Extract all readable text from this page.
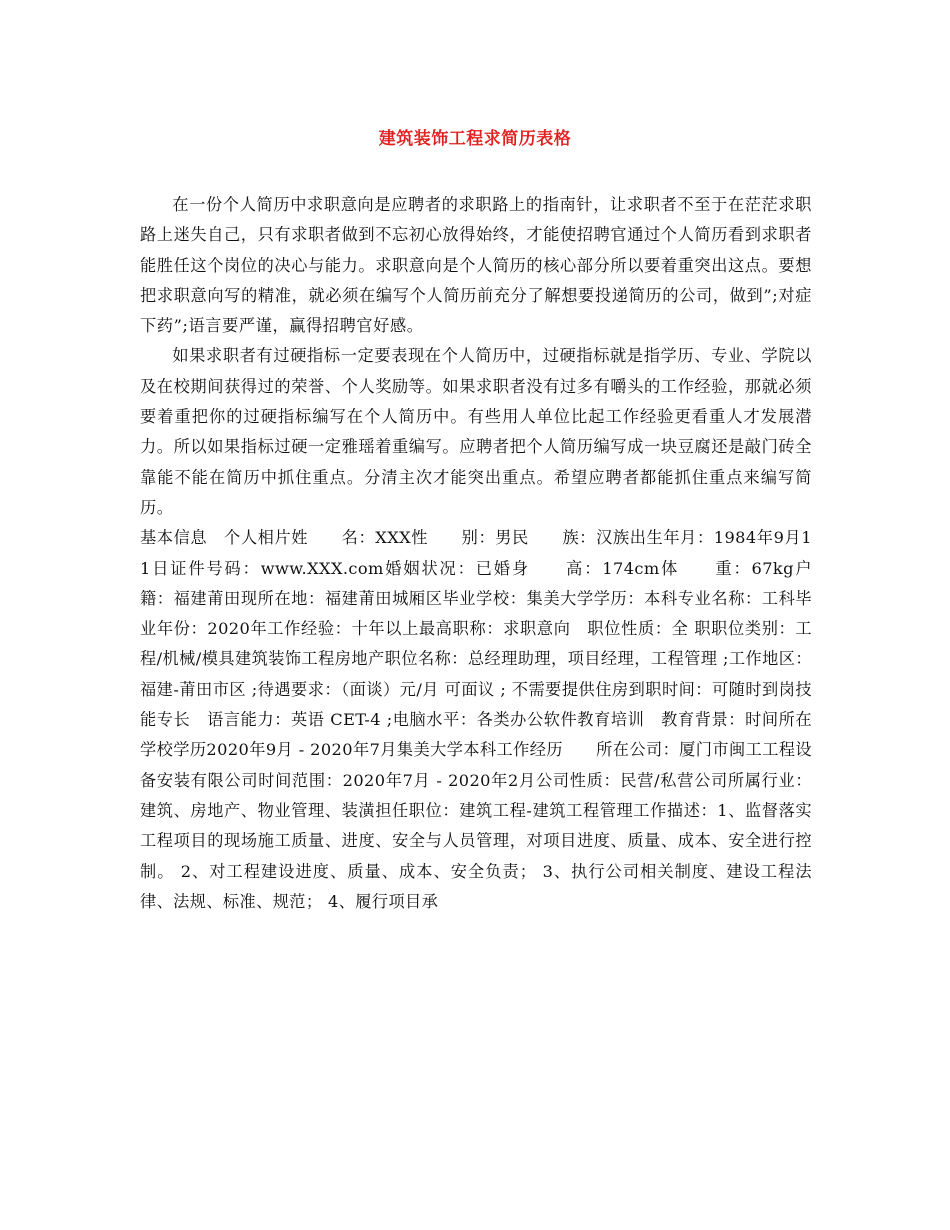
建筑装饰工程求简历表格

在一份个人简历中求职意向是应聘者的求职路上的指南针，让求职者不至于在茫茫求职路上迷失自己，只有求职者做到不忘初心放得始终，才能使招聘官通过个人简历看到求职者能胜任这个岗位的决心与能力。求职意向是个人简历的核心部分所以要着重突出这点。要想把求职意向写的精准，就必须在编写个人简历前充分了解想要投递简历的公司，做到”;对症下药”;语言要严谨，赢得招聘官好感。

如果求职者有过硬指标一定要表现在个人简历中，过硬指标就是指学历、专业、学院以及在校期间获得过的荣誉、个人奖励等。如果求职者没有过多有嚼头的工作经验，那就必须要着重把你的过硬指标编写在个人简历中。有些用人单位比起工作经验更看重人才发展潜力。所以如果指标过硬一定雅瑶着重编写。应聘者把个人简历编写成一块豆腐还是敲门砖全靠能不能在简历中抓住重点。分清主次才能突出重点。希望应聘者都能抓住重点来编写简历。

基本信息　个人相片姓　　名：XXX性　　别：男民　　族：汉族出生年月：1984年9月11日证件号码：www.XXX.com婚姻状况：已婚身　　高：174cm体　　重：67kg户　　籍：福建莆田现所在地：福建莆田城厢区毕业学校：集美大学学历：本科专业名称：工科毕业年份：2020年工作经验：十年以上最高职称：求职意向　职位性质：全 职职位类别：工程/机械/模具建筑装饰工程房地产职位名称：总经理助理，项目经理，工程管理 ;工作地区：福建-莆田市区 ;待遇要求：（面谈）元/月 可面议 ; 不需要提供住房到职时间：可随时到岗技能专长　语言能力：英语 CET-4 ;电脑水平：各类办公软件教育培训　教育背景：时间所在学校学历2020年9月 - 2020年7月集美大学本科工作经历　　所在公司：厦门市闽工工程设备安装有限公司时间范围：2020年7月 - 2020年2月公司性质：民营/私营公司所属行业：建筑、房地产、物业管理、装潢担任职位：建筑工程-建筑工程管理工作描述：1、监督落实工程项目的现场施工质量、进度、安全与人员管理，对项目进度、质量、成本、安全进行控制。 2、对工程建设进度、质量、成本、安全负责； 3、执行公司相关制度、建设工程法律、法规、标准、规范； 4、履行项目承
